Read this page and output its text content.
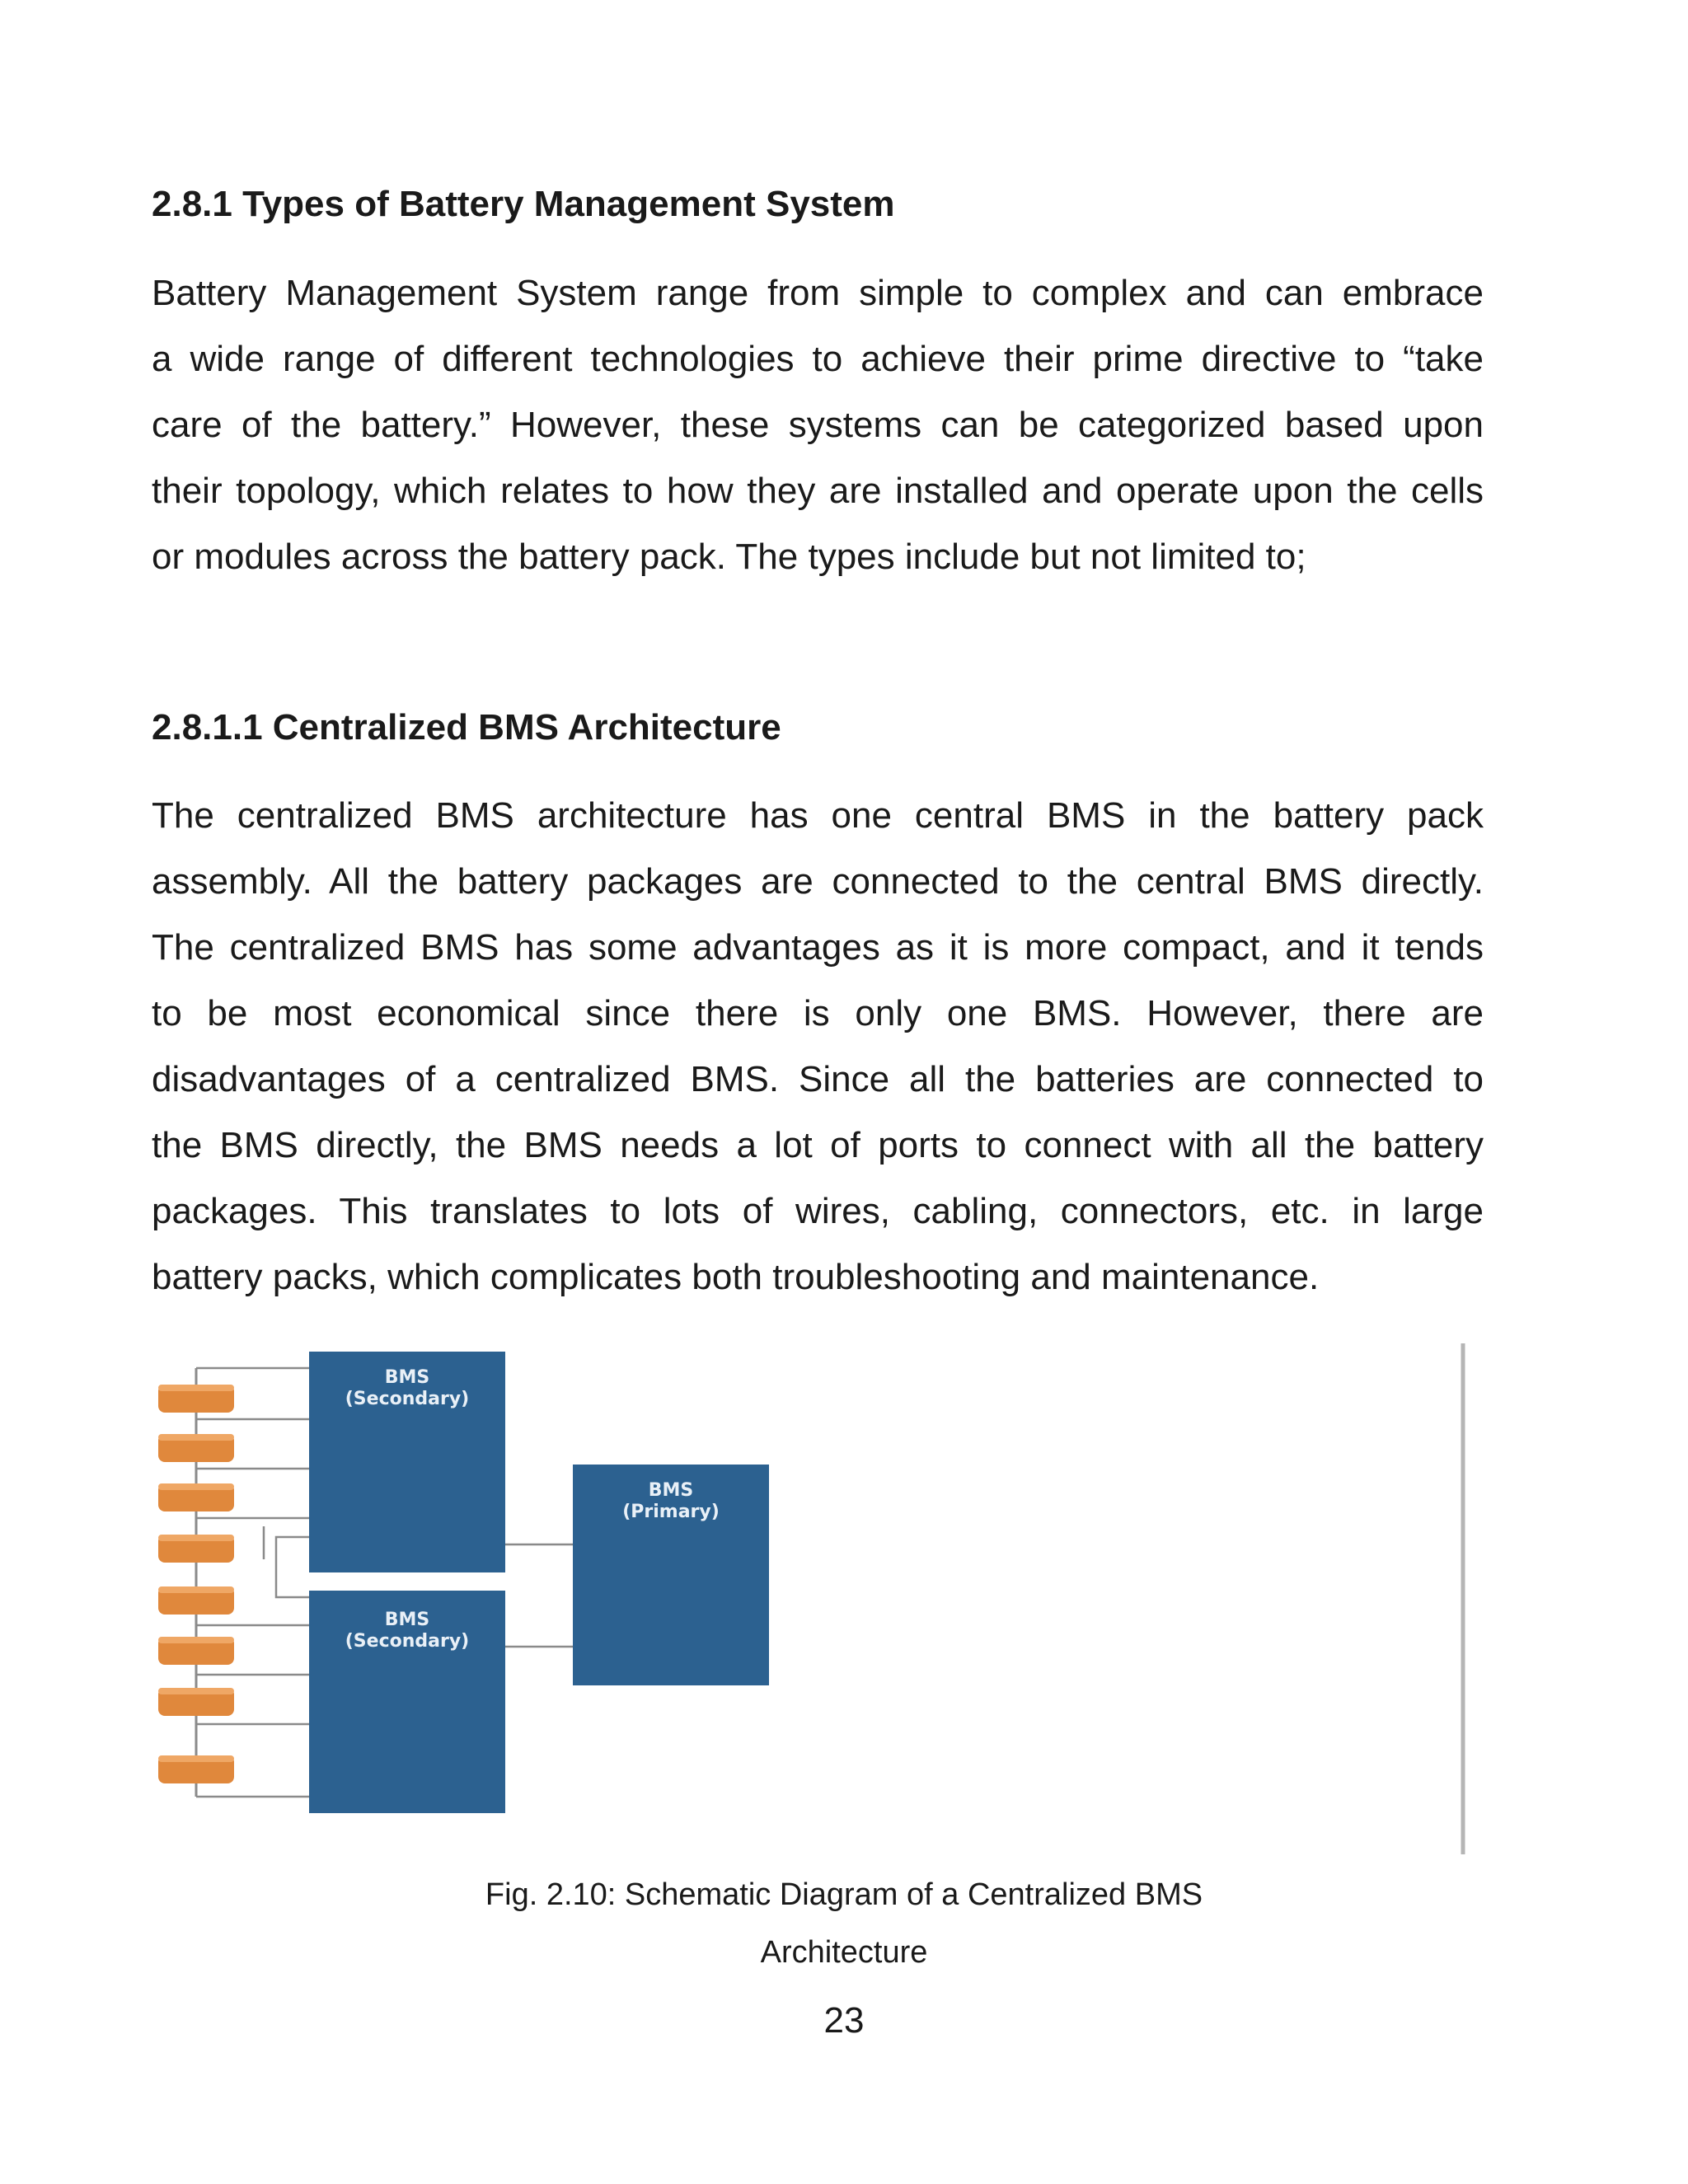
2.8.1 Types of Battery Management System

Battery Management System range from simple to complex and can embrace
a wide range of different technologies to achieve their prime directive to “take
care of the battery.” However, these systems can be categorized based upon
their topology, which relates to how they are installed and operate upon the cells
or modules across the battery pack. The types include but not limited to;

2.8.1.1 Centralized BMS Architecture

The centralized BMS architecture has one central BMS in the battery pack
assembly. All the battery packages are connected to the central BMS directly.
The centralized BMS has some advantages as it is more compact, and it tends
to be most economical since there is only one BMS. However, there are
disadvantages of a centralized BMS. Since all the batteries are connected to
the BMS directly, the BMS needs a lot of ports to connect with all the battery
packages. This translates to lots of wires, cabling, connectors, etc. in large
battery packs, which complicates both troubleshooting and maintenance.

BMS
(Secondary)
BMS
(Secondary)
BMS
(Primary)

Fig. 2.10: Schematic Diagram of a Centralized BMS

Architecture

23
